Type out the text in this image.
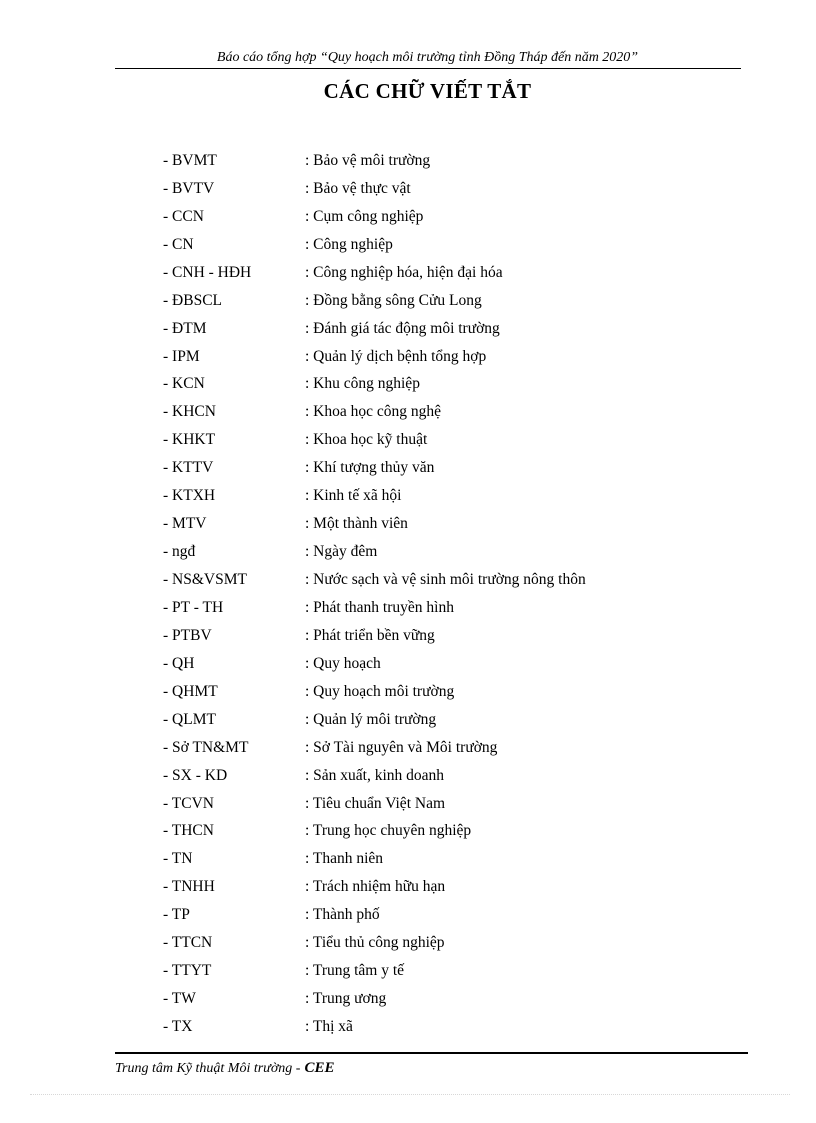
Báo cáo tổng hợp “Quy hoạch môi trường tỉnh Đồng Tháp đến năm 2020”
CÁC CHỮ VIẾT TẮT
- BVMT	: Bảo vệ môi trường
- BVTV	: Bảo vệ thực vật
- CCN	: Cụm công nghiệp
- CN	: Công nghiệp
- CNH - HĐH	: Công nghiệp hóa, hiện đại hóa
- ĐBSCL	: Đồng bằng sông Cửu Long
- ĐTM	: Đánh giá tác động môi trường
- IPM	: Quản lý dịch bệnh tổng hợp
- KCN	: Khu công nghiệp
- KHCN	: Khoa học công nghệ
- KHKT	: Khoa học kỹ thuật
- KTTV	: Khí tượng thủy văn
- KTXH	: Kinh tế xã hội
- MTV	: Một thành viên
- ngđ	: Ngày đêm
- NS&VSMT	: Nước sạch và vệ sinh môi trường nông thôn
- PT - TH	: Phát thanh truyền hình
- PTBV	: Phát triển bền vững
- QH	: Quy hoạch
- QHMT	: Quy hoạch môi trường
- QLMT	: Quản lý môi trường
- Sở TN&MT	: Sở Tài nguyên và Môi trường
- SX - KD	: Sản xuất, kinh doanh
- TCVN	: Tiêu chuẩn Việt Nam
- THCN	: Trung học chuyên nghiệp
- TN	: Thanh niên
- TNHH	: Trách nhiệm hữu hạn
- TP	: Thành phố
- TTCN	: Tiểu thủ công nghiệp
- TTYT	: Trung tâm y tế
- TW	: Trung ương
- TX	: Thị xã
Trung tâm Kỹ thuật Môi trường - CEE
